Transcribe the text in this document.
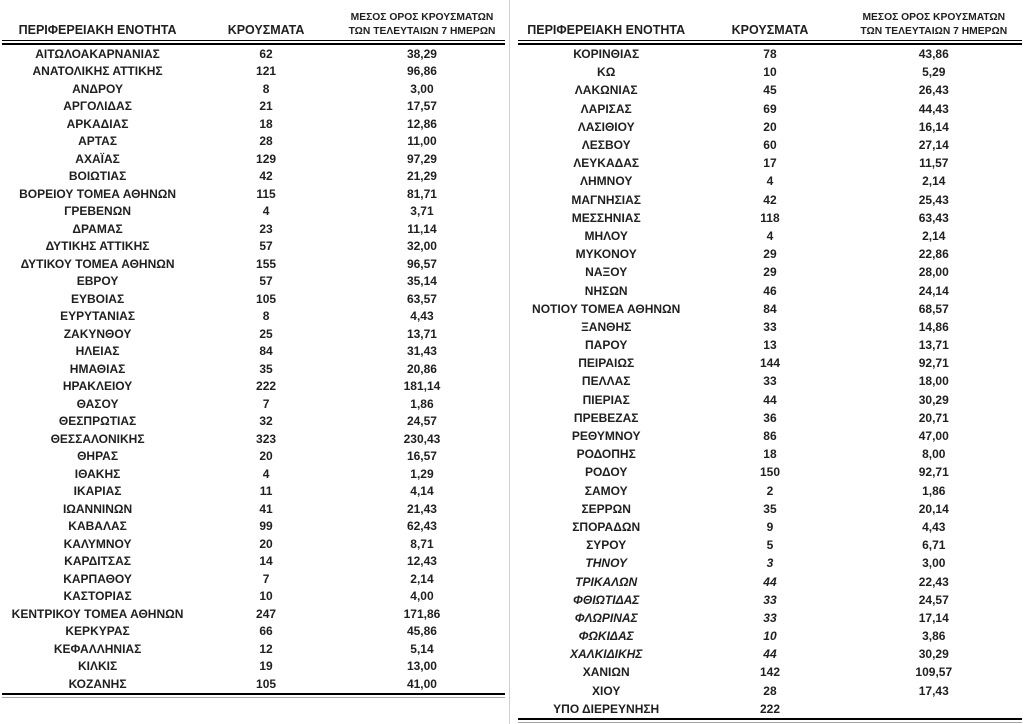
ΠΕΡΙΦΕΡΕΙΑΚΗ ΕΝΟΤΗΤΑ	ΚΡΟΥΣΜΑΤΑ
ΜΕΣΟΣ ΟΡΟΣ ΚΡΟΥΣΜΑΤΩΝ
ΤΩΝ ΤΕΛΕΥΤΑΙΩΝ 7 ΗΜΕΡΩΝ
ΑΙΤΩΛΟΑΚΑΡΝΑΝΙΑΣ	62	38,29
ΑΝΑΤΟΛΙΚΗΣ ΑΤΤΙΚΗΣ	121	96,86
ΑΝΔΡΟΥ	8	3,00
ΑΡΓΟΛΙΔΑΣ	21	17,57
ΑΡΚΑΔΙΑΣ	18	12,86
ΑΡΤΑΣ	28	11,00
ΑΧΑΪΑΣ	129	97,29
ΒΟΙΩΤΙΑΣ	42	21,29
ΒΟΡΕΙΟΥ ΤΟΜΕΑ ΑΘΗΝΩΝ	115	81,71
ΓΡΕΒΕΝΩΝ	4	3,71
ΔΡΑΜΑΣ	23	11,14
ΔΥΤΙΚΗΣ ΑΤΤΙΚΗΣ	57	32,00
ΔΥΤΙΚΟΥ ΤΟΜΕΑ ΑΘΗΝΩΝ	155	96,57
ΕΒΡΟΥ	57	35,14
ΕΥΒΟΙΑΣ	105	63,57
ΕΥΡΥΤΑΝΙΑΣ	8	4,43
ΖΑΚΥΝΘΟΥ	25	13,71
ΗΛΕΙΑΣ	84	31,43
ΗΜΑΘΙΑΣ	35	20,86
ΗΡΑΚΛΕΙΟΥ	222	181,14
ΘΑΣΟΥ	7	1,86
ΘΕΣΠΡΩΤΙΑΣ	32	24,57
ΘΕΣΣΑΛΟΝΙΚΗΣ	323	230,43
ΘΗΡΑΣ	20	16,57
ΙΘΑΚΗΣ	4	1,29
ΙΚΑΡΙΑΣ	11	4,14
ΙΩΑΝΝΙΝΩΝ	41	21,43
ΚΑΒΑΛΑΣ	99	62,43
ΚΑΛΥΜΝΟΥ	20	8,71
ΚΑΡΔΙΤΣΑΣ	14	12,43
ΚΑΡΠΑΘΟΥ	7	2,14
ΚΑΣΤΟΡΙΑΣ	10	4,00
ΚΕΝΤΡΙΚΟΥ ΤΟΜΕΑ ΑΘΗΝΩΝ	247	171,86
ΚΕΡΚΥΡΑΣ	66	45,86
ΚΕΦΑΛΛΗΝΙΑΣ	12	5,14
ΚΙΛΚΙΣ	19	13,00
ΚΟΖΑΝΗΣ	105	41,00
ΠΕΡΙΦΕΡΕΙΑΚΗ ΕΝΟΤΗΤΑ	ΚΡΟΥΣΜΑΤΑ
ΜΕΣΟΣ ΟΡΟΣ ΚΡΟΥΣΜΑΤΩΝ
ΤΩΝ ΤΕΛΕΥΤΑΙΩΝ 7 ΗΜΕΡΩΝ
ΚΟΡΙΝΘΙΑΣ	78	43,86
ΚΩ	10	5,29
ΛΑΚΩΝΙΑΣ	45	26,43
ΛΑΡΙΣΑΣ	69	44,43
ΛΑΣΙΘΙΟΥ	20	16,14
ΛΕΣΒΟΥ	60	27,14
ΛΕΥΚΑΔΑΣ	17	11,57
ΛΗΜΝΟΥ	4	2,14
ΜΑΓΝΗΣΙΑΣ	42	25,43
ΜΕΣΣΗΝΙΑΣ	118	63,43
ΜΗΛΟΥ	4	2,14
ΜΥΚΟΝΟΥ	29	22,86
ΝΑΞΟΥ	29	28,00
ΝΗΣΩΝ	46	24,14
ΝΟΤΙΟΥ ΤΟΜΕΑ ΑΘΗΝΩΝ	84	68,57
ΞΑΝΘΗΣ	33	14,86
ΠΑΡΟΥ	13	13,71
ΠΕΙΡΑΙΩΣ	144	92,71
ΠΕΛΛΑΣ	33	18,00
ΠΙΕΡΙΑΣ	44	30,29
ΠΡΕΒΕΖΑΣ	36	20,71
ΡΕΘΥΜΝΟΥ	86	47,00
ΡΟΔΟΠΗΣ	18	8,00
ΡΟΔΟΥ	150	92,71
ΣΑΜΟΥ	2	1,86
ΣΕΡΡΩΝ	35	20,14
ΣΠΟΡΑΔΩΝ	9	4,43
ΣΥΡΟΥ	5	6,71
ΤΗΝΟΥ	3	3,00
ΤΡΙΚΑΛΩΝ	44	22,43
ΦΘΙΩΤΙΔΑΣ	33	24,57
ΦΛΩΡΙΝΑΣ	33	17,14
ΦΩΚΙΔΑΣ	10	3,86
ΧΑΛΚΙΔΙΚΗΣ	44	30,29
ΧΑΝΙΩΝ	142	109,57
ΧΙΟΥ	28	17,43
ΥΠΟ ΔΙΕΡΕΥΝΗΣΗ	222
